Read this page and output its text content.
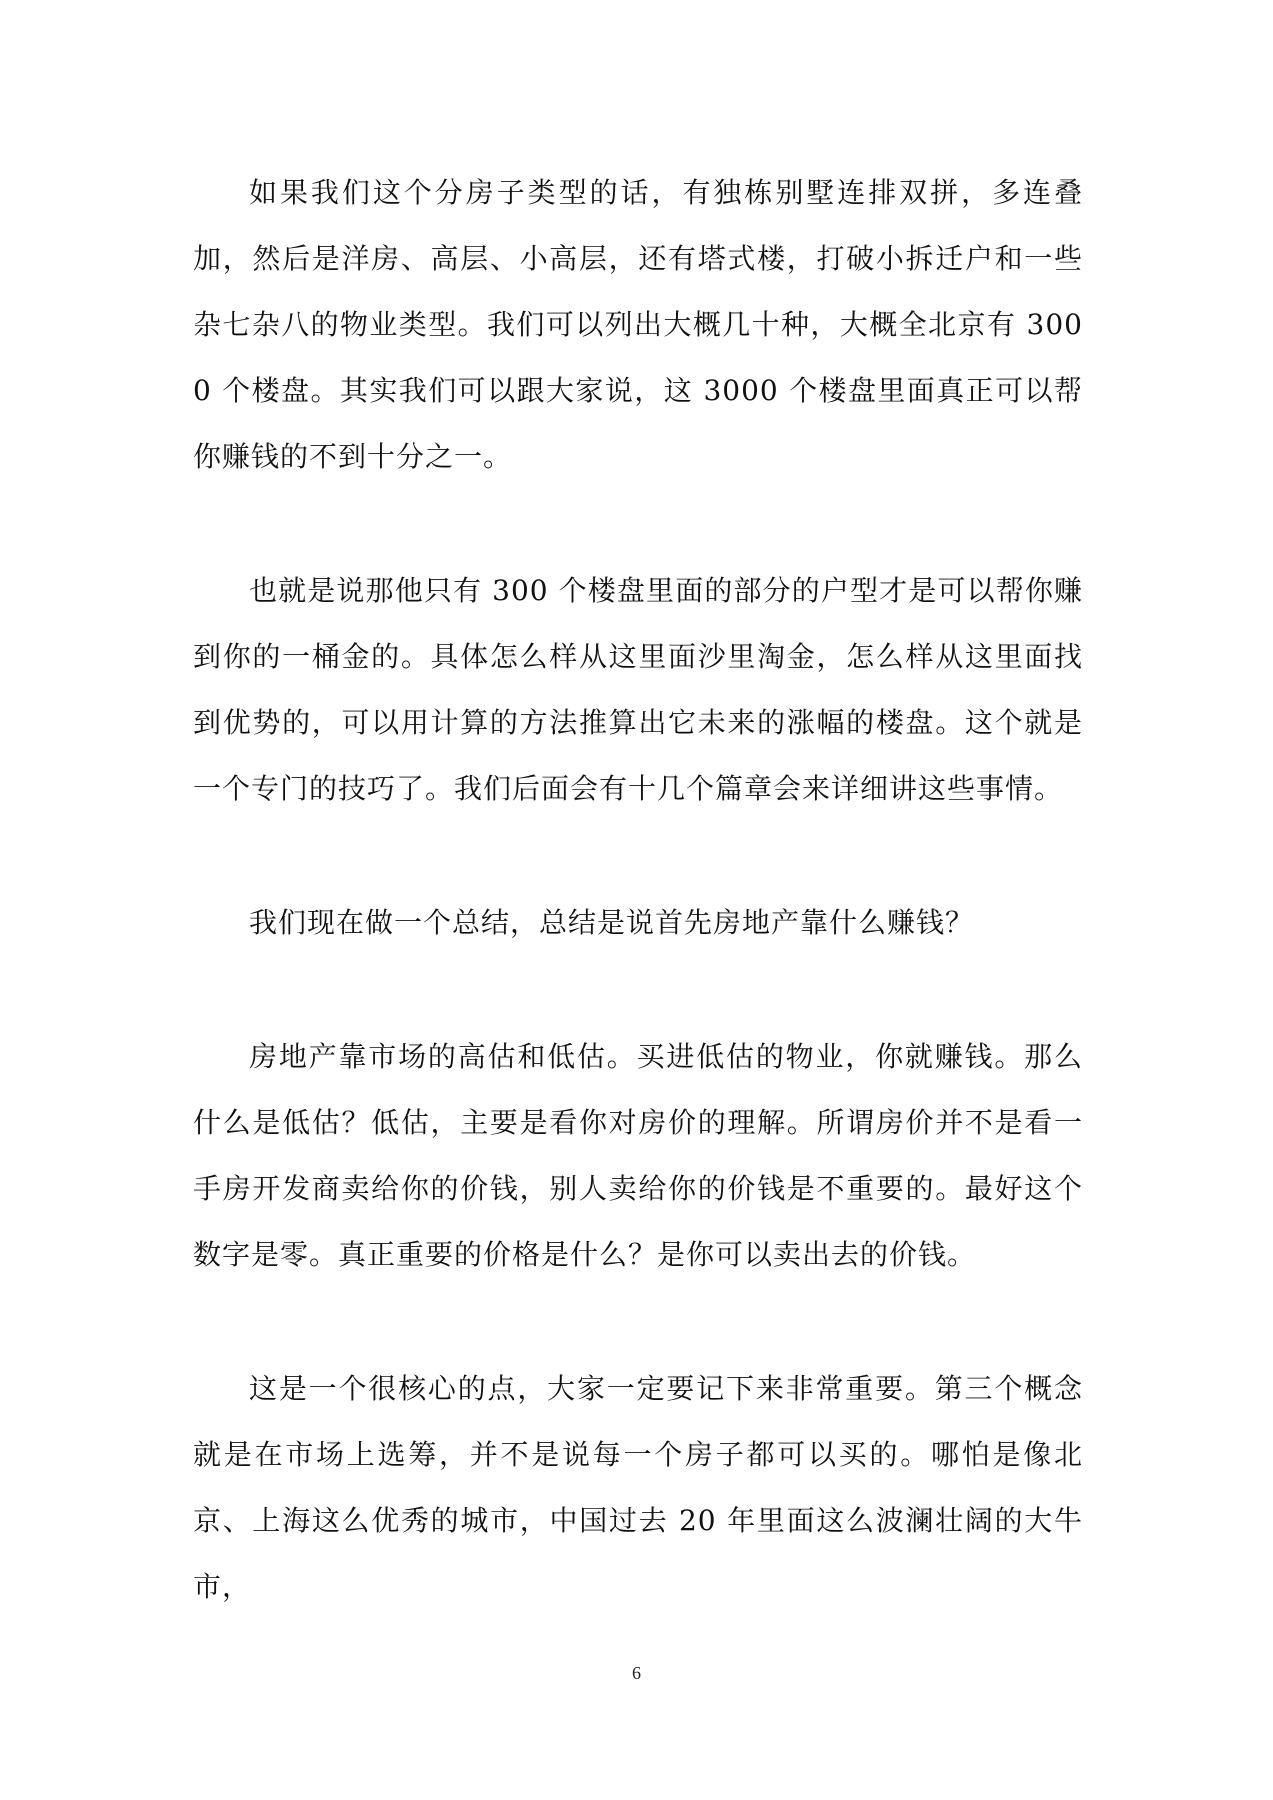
如果我们这个分房子类型的话，有独栋别墅连排双拼，多连叠加，然后是洋房、高层、小高层，还有塔式楼，打破小拆迁户和一些杂七杂八的物业类型。我们可以列出大概几十种，大概全北京有 3000 个楼盘。其实我们可以跟大家说，这 3000 个楼盘里面真正可以帮你赚钱的不到十分之一。

也就是说那他只有 300 个楼盘里面的部分的户型才是可以帮你赚到你的一桶金的。具体怎么样从这里面沙里淘金，怎么样从这里面找到优势的，可以用计算的方法推算出它未来的涨幅的楼盘。这个就是一个专门的技巧了。我们后面会有十几个篇章会来详细讲这些事情。

我们现在做一个总结，总结是说首先房地产靠什么赚钱？

房地产靠市场的高估和低估。买进低估的物业，你就赚钱。那么什么是低估？低估，主要是看你对房价的理解。所谓房价并不是看一手房开发商卖给你的价钱，别人卖给你的价钱是不重要的。最好这个数字是零。真正重要的价格是什么？是你可以卖出去的价钱。

这是一个很核心的点，大家一定要记下来非常重要。第三个概念就是在市场上选筹，并不是说每一个房子都可以买的。哪怕是像北京、上海这么优秀的城市，中国过去 20 年里面这么波澜壮阔的大牛市，

6
